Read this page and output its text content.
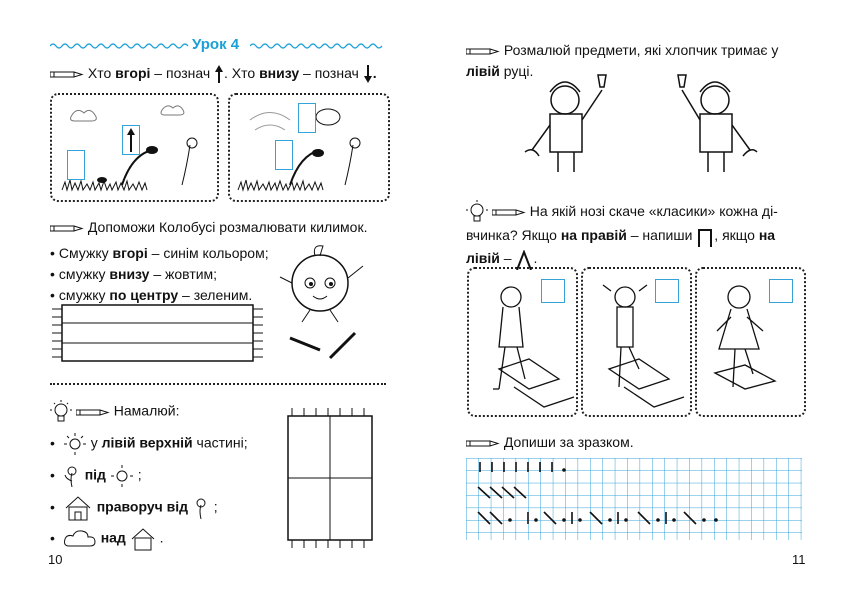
Урок 4
Хто вгорі – познач . Хто внизу – познач .
Допоможи Колобусі розмалювати килимок.
• Смужку вгорі – синім кольором;
• смужку внизу – жовтим;
• смужку по центру – зеленим.
Намалюй:
• у лівій верхній частині;
• під ;
• праворуч від ;
• над .
10
Розмалюй предмети, які хлопчик тримає у
лівій руці.
На якій нозі скаче «класики» кожна ді-
вчинка? Якщо на правій – напиши , якщо на
лівій – .
Допиши за зразком.
11
